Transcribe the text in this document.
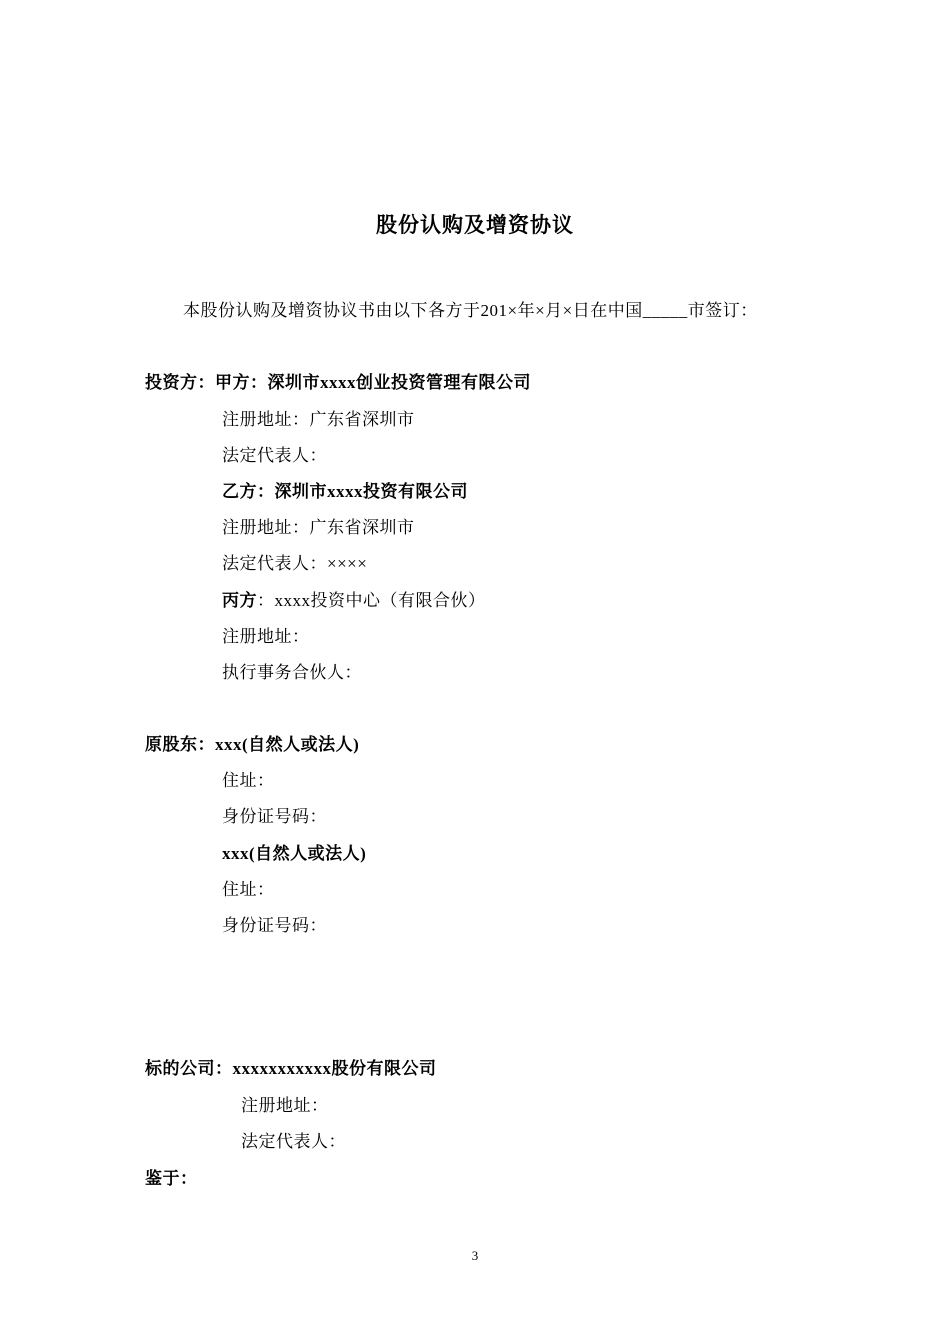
股份认购及增资协议
本股份认购及增资协议书由以下各方于201×年×月×日在中国_____市签订：
投资方：甲方：深圳市xxxx创业投资管理有限公司
注册地址：广东省深圳市
法定代表人：
乙方：深圳市xxxx投资有限公司
注册地址：广东省深圳市
法定代表人：××××
丙方：xxxx投资中心（有限合伙）
注册地址：
执行事务合伙人：
原股东：xxx(自然人或法人)
住址：
身份证号码：
xxx(自然人或法人)
住址：
身份证号码：
标的公司：xxxxxxxxxxx股份有限公司
注册地址：
法定代表人：
鉴于：
3
